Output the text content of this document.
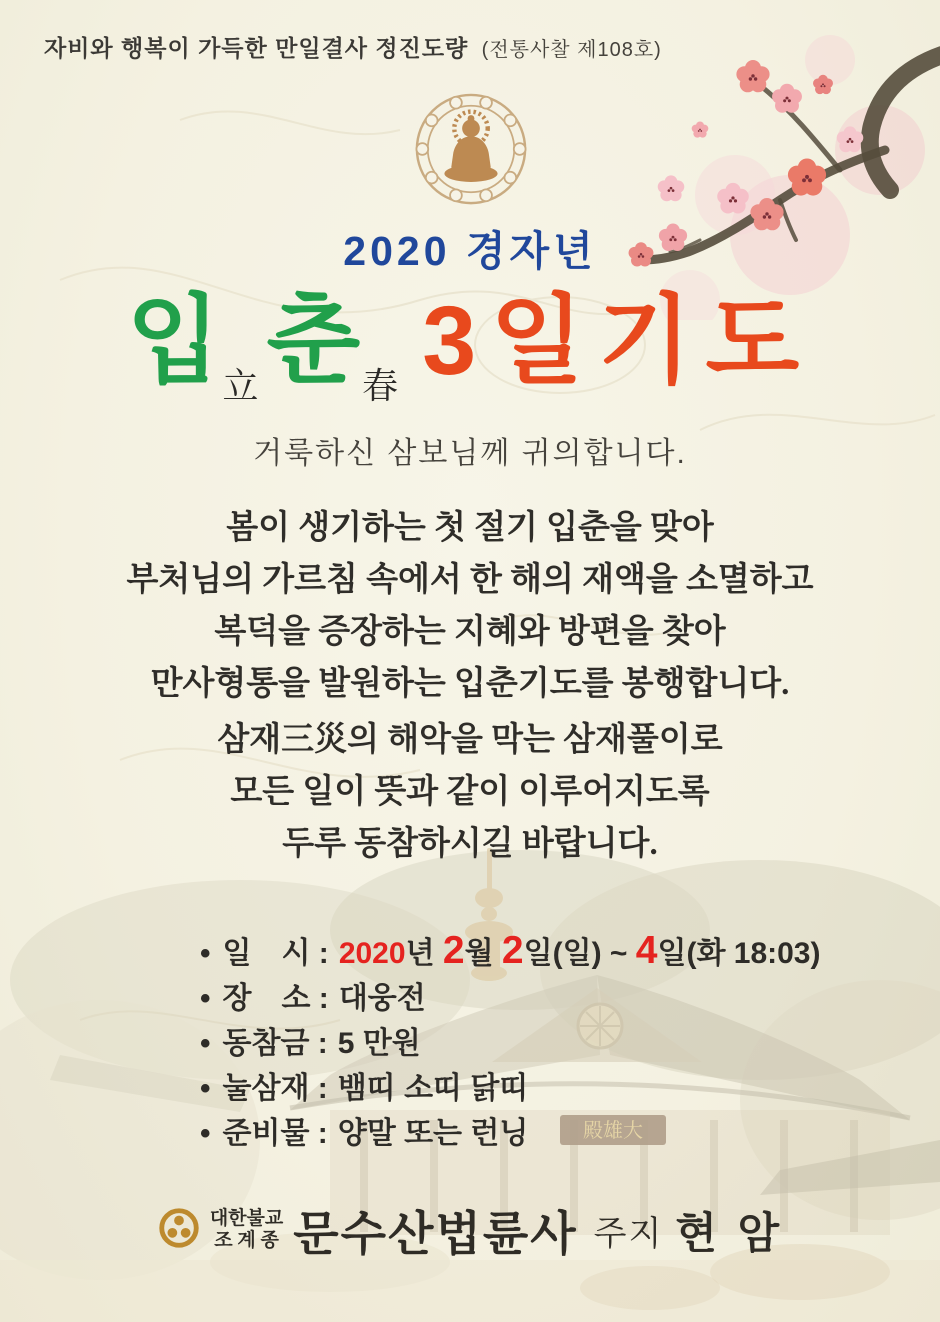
殿雄大
자비와 행복이 가득한 만일결사 정진도량 (전통사찰 제108호)
2020 경자년
입立춘春 3일기도
거룩하신 삼보님께 귀의합니다.
봄이 생기하는 첫 절기 입춘을 맞아
부처님의 가르침 속에서 한 해의 재액을 소멸하고
복덕을 증장하는 지혜와 방편을 찾아
만사형통을 발원하는 입춘기도를 봉행합니다.
삼재三災의 해악을 막는 삼재풀이로
모든 일이 뜻과 같이 이루어지도록
두루 동참하시길 바랍니다.
• 일　시 : 2020년 2월 2일(일) ~ 4일(화 18:03)
• 장　소 : 대웅전
• 동참금 : 5 만원
• 눌삼재 : 뱀띠 소띠 닭띠
• 준비물 : 양말 또는 런닝
대한불교
조 계 종 문수산법륜사 주지 현 암
